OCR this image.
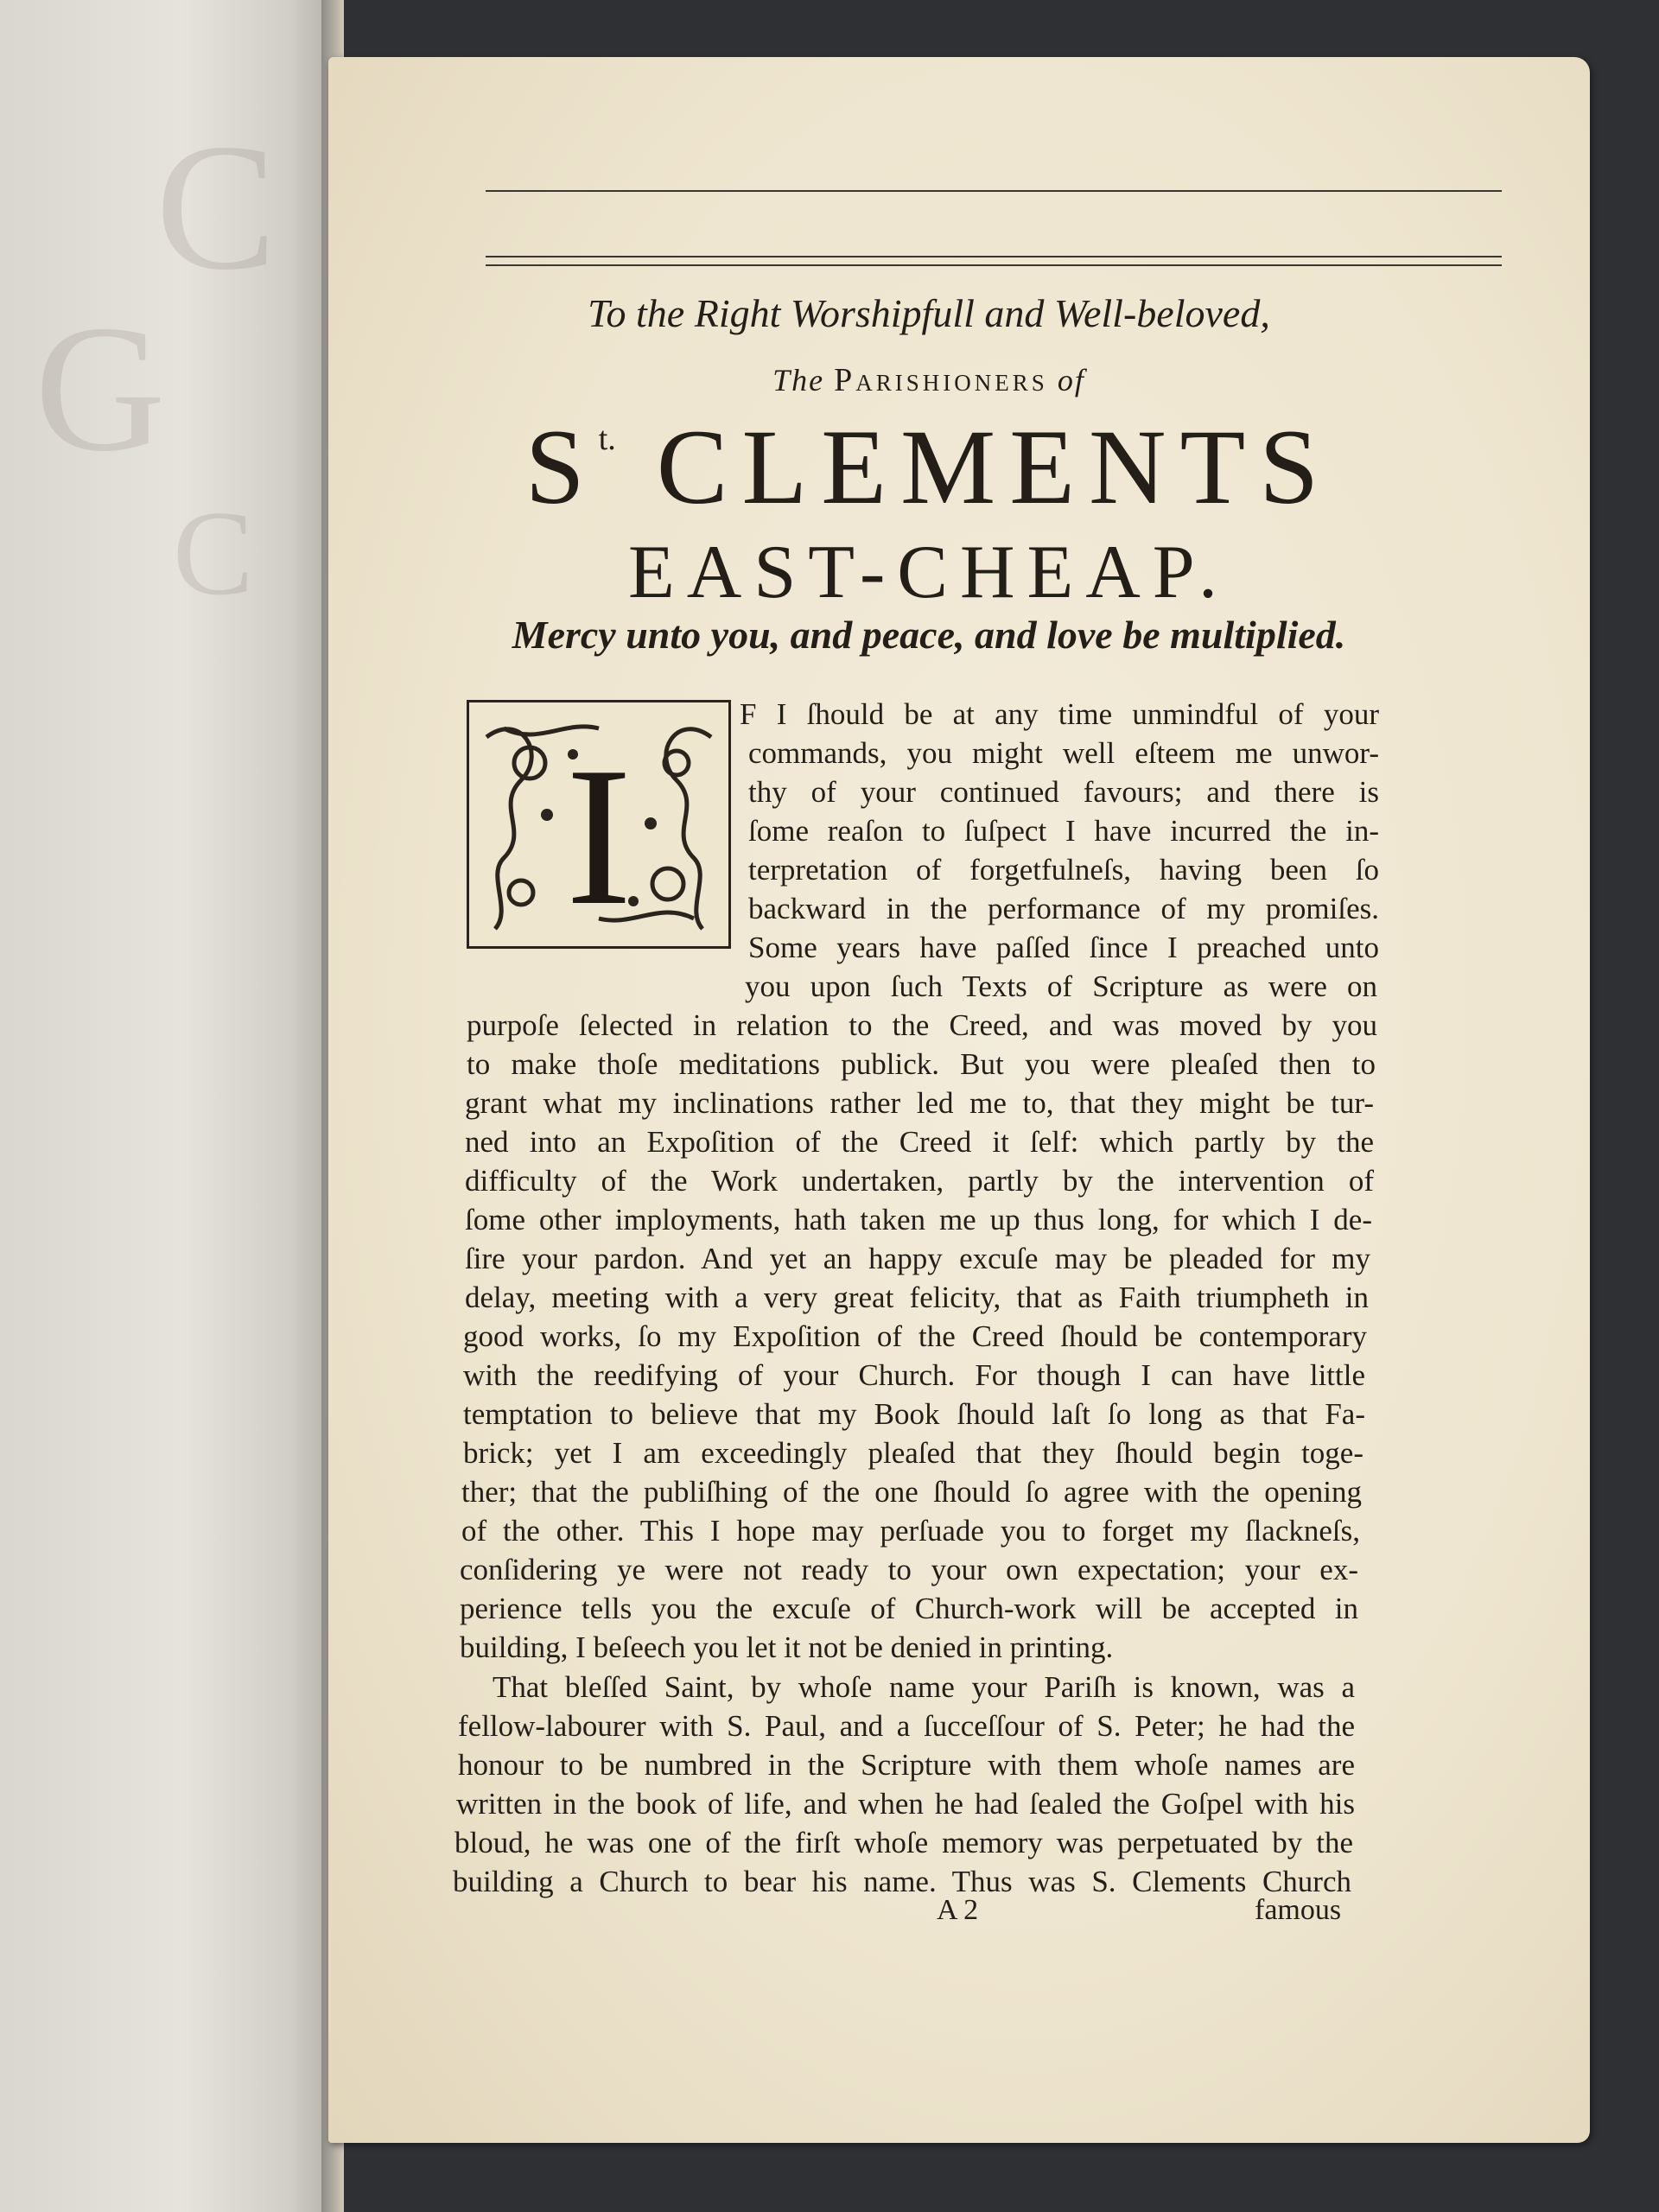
G
C
C
To the Right Worshipfull and Well-beloved,
The Parishioners of
$S^{t.}$ CLEMENTS
EAST-CHEAP.
Mercy unto you, and peace, and love be multiplied.
I
F I ſhould be at any time unmindful of your
commands, you might well eſteem me unwor-
thy of your continued favours; and there is
ſome reaſon to ſuſpect I have incurred the in-
terpretation of forgetfulneſs, having been ſo
backward in the performance of my promiſes.
Some years have paſſed ſince I preached unto
you upon ſuch Texts of Scripture as were on
purpoſe ſelected in relation to the Creed, and was moved by you
to make thoſe meditations publick. But you were pleaſed then to
grant what my inclinations rather led me to, that they might be tur-
ned into an Expoſition of the Creed it ſelf: which partly by the
difficulty of the Work undertaken, partly by the intervention of
ſome other imployments, hath taken me up thus long, for which I de-
ſire your pardon. And yet an happy excuſe may be pleaded for my
delay, meeting with a very great felicity, that as Faith triumpheth in
good works, ſo my Expoſition of the Creed ſhould be contemporary
with the reedifying of your Church. For though I can have little
temptation to believe that my Book ſhould laſt ſo long as that Fa-
brick; yet I am exceedingly pleaſed that they ſhould begin toge-
ther; that the publiſhing of the one ſhould ſo agree with the opening
of the other. This I hope may perſuade you to forget my ſlackneſs,
conſidering ye were not ready to your own expectation; your ex-
perience tells you the excuſe of Church-work will be accepted in
building, I beſeech you let it not be denied in printing.
That bleſſed Saint, by whoſe name your Pariſh is known, was a
fellow-labourer with S. Paul, and a ſucceſſour of S. Peter; he had the
honour to be numbred in the Scripture with them whoſe names are
written in the book of life, and when he had ſealed the Goſpel with his
bloud, he was one of the firſt whoſe memory was perpetuated by the
building a Church to bear his name. Thus was S. Clements Church
A 2	famous
